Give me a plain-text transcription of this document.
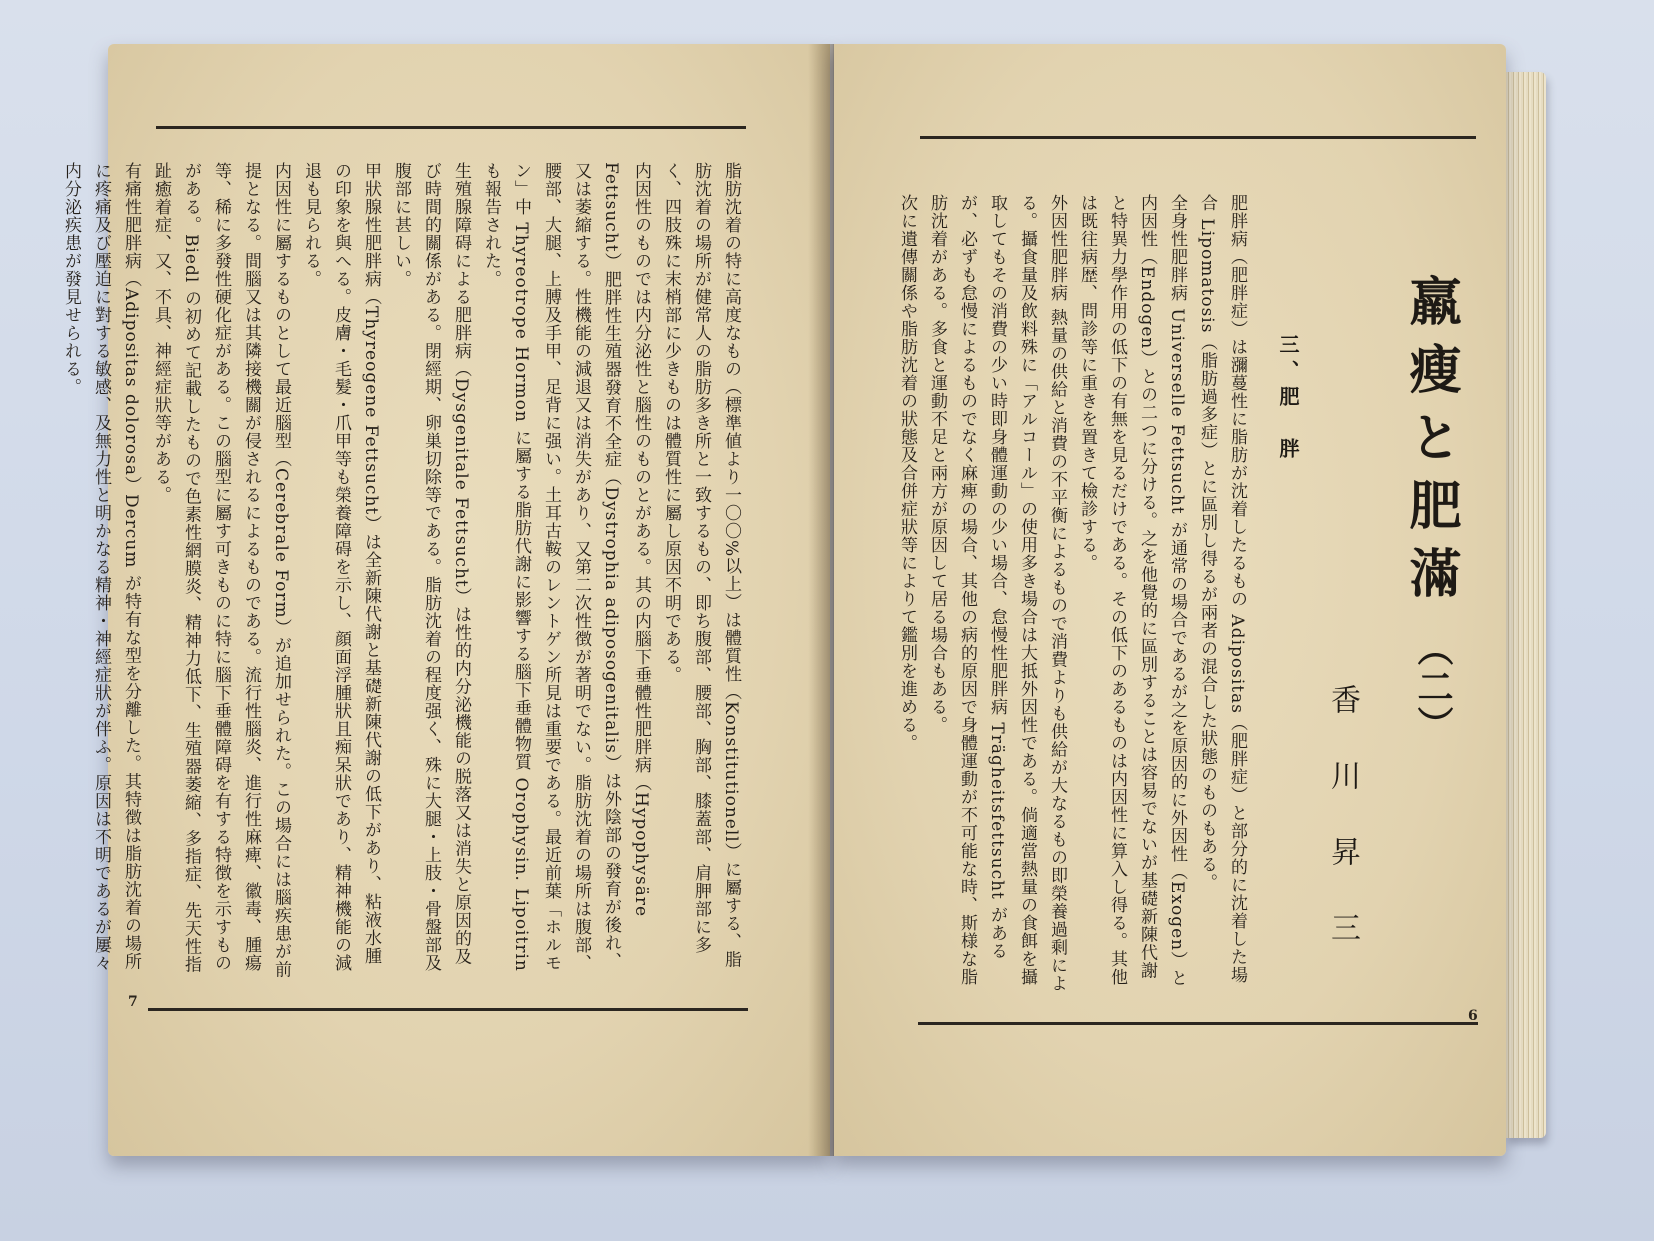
脂肪沈着の特に高度なもの（標準値より一〇〇%以上）は體質性（Konstitutionell）に屬する、脂肪沈着の場所が健常人の脂肪多き所と一致するもの、即ち腹部、腰部、胸部、膝蓋部、肩胛部に多く、四肢殊に末梢部に少きものは體質性に屬し原因不明である。

内因性のものでは内分泌性と腦性のものとがある。其の内腦下垂體性肥胖病（Hypophysäre Fettsucht）肥胖性生殖器發育不全症（Dystrophia adiposogenitalis）は外陰部の發育が後れ、又は萎縮する。性機能の減退又は消失があり、又第二次性徴が著明でない。脂肪沈着の場所は腹部、腰部、大腿、上膊及手甲、足背に强い。土耳古鞍のレントゲン所見は重要である。最近前葉「ホルモン」中 Thyreotrope Hormon に屬する脂肪代謝に影響する腦下垂體物質 Orophysin. Lipoitrin も報告された。

生殖腺障碍による肥胖病（Dysgenitale Fettsucht）は性的内分泌機能の脱落又は消失と原因的及び時間的關係がある。閉經期、卵巣切除等である。脂肪沈着の程度强く、殊に大腿・上肢・骨盤部及腹部に甚しい。

甲狀腺性肥胖病（Thyreogene Fettsucht）は全新陳代謝と基礎新陳代謝の低下があり、粘液水腫の印象を與へる。皮膚・毛髮・爪甲等も榮養障碍を示し、顔面浮腫狀且痴呆狀であり、精神機能の減退も見られる。

内因性に屬するものとして最近腦型（Cerebrale Form）が追加せられた。この場合には腦疾患が前提となる。間腦又は其隣接機關が侵されるによるものである。流行性腦炎、進行性麻痺、徽毒、腫瘍等、稀に多發性硬化症がある。この腦型に屬す可きものに特に腦下垂體障碍を有する特徴を示すものがある。Biedl の初めて記載したもので色素性網膜炎、精神力低下、生殖器萎縮、多指症、先天性指趾癒着症、又、不具、神經症狀等がある。

有痛性肥胖病（Adipositas dolorosa）Dercum が特有な型を分離した。其特徴は脂肪沈着の場所に疼痛及び壓迫に對する敏感、及無力性と明かなる精神・神經症狀が伴ふ。原因は不明であるが屢々内分泌疾患が發見せられる。

7
羸瘦と肥滿
（二）
香　川　昇　三
三、肥　胖

肥胖病（肥胖症）は瀰蔓性に脂肪が沈着したるもの Adipositas（肥胖症）と部分的に沈着した場合 Lipomatosis（脂肪過多症）とに區別し得るが兩者の混合した狀態のものもある。

全身性肥胖病 Universelle Fettsucht が通常の場合であるが之を原因的に外因性（Exogen）と内因性（Endogen）との二つに分ける。之を他覺的に區別することは容易でないが基礎新陳代謝と特異力學作用の低下の有無を見るだけである。その低下のあるものは内因性に算入し得る。其他は既往病歴、問診等に重きを置きて檢診する。

外因性肥胖病 熱量の供給と消費の不平衡によるもので消費よりも供給が大なるもの即榮養過剩による。攝食量及飲料殊に「アルコール」の使用多き場合は大抵外因性である。倘適當熱量の食餌を攝取してもその消費の少い時即身體運動の少い場合、怠慢性肥胖病 Trägheitsfettsucht があるが、必ずも怠慢によるものでなく麻痺の場合、其他の病的原因で身體運動が不可能な時、斯様な脂肪沈着がある。多食と運動不足と兩方が原因して居る場合もある。

次に遺傳關係や脂肪沈着の狀態及合併症狀等によりて鑑別を進める。

6
